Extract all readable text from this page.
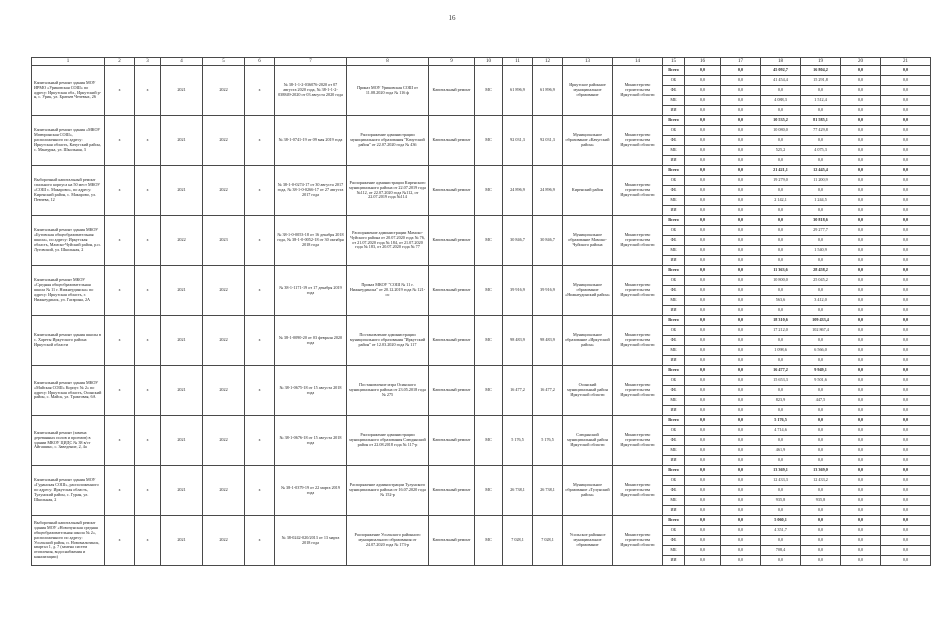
16
1	2	3	4	5	6	7	8	9	10	11	12	13	14	15	16	17	18	19	20	21
Капитальный ремонт здания МОУ ИРМО «Уриковская СОШ» по адресу: Иркутская обл., Иркутский р-н, с. Урик, ул. Братьев Чечевых, 26	х	х	2021	2022	х	№ 38-1-1-2-036076-2020 от 07 августа 2020 года, № 38-1-1-2-038849-2020 от 03 августа 2020 года	Приказ МОУ Уриковская СОШ от 11.08.2020 года № 116 ф	Капитальный ремонт	МС	61 896,9	61 896,9	Иркутское районное муниципальное образование	Министерство строительства Иркутской области	Всего	0,0	0,0	45 092,7	16 804,2	0,0	0,0
														ОБ	0,0	0,0	41 454,4	15 291,8	0,0	0,0
														ФБ	0,0	0,0	0,0	0,0	0,0	0,0
														МБ	0,0	0,0	4 088,3	1 512,4	0,0	0,0
														ИИ	0,0	0,0	0,0	0,0	0,0	0,0
Капитальный ремонт здания «МКОУ Матюринская СОШ», расположенного по адресу: Иркутская область, Качугский район, с. Манзурка, ул. Школьная, 3	х	х	2021	2022	х	№ 38-1-0741-19 от 09 мая 2019 года	Распоряжение администрации муниципального образования "Качугский район" от 22.07.2020 года № 436	Капитальный ремонт	МС	92 031,3	92 031,3	Муниципальное образование «Качугский район»	Министерство строительства Иркутской области	Всего	0,0	0,0	10 535,2	81 585,1	0,0	0,0
														ОБ	0,0	0,0	10 080,0	77 429,8	0,0	0,0
														ФБ	0,0	0,0	0,0	0,0	0,0	0,0
														МБ	0,0	0,0	525,2	4 075,3	0,0	0,0
														ИИ	0,0	0,0	0,0	0,0	0,0	0,0
Выборочный капитальный ремонт спального корпуса на 50 мест МКОУ «СОШ с. Макарово», по адресу: Киренский район, с. Макарово, ул. Певчева, 12	х	х	2021	2022	х	№ 38-1-0-0274-17 от 30 августа 2017 года, № 38-1-0-0266-17 от 27 августа 2017 года	Распоряжение администрации Киренского муниципального района от 22.07.2019 года №112, от 22.07.2020 года №112, от 22.07.2019 года №114	Капитальный ремонт	МС	24 896,9	24 896,9	Киренский район	Министерство строительства Иркутской области	Всего	0,0	0,0	21 421,1	12 445,4	0,0	0,0
														ОБ	0,0	0,0	19 279,0	11 200,9	0,0	0,0
														ФБ	0,0	0,0	0,0	0,0	0,0	0,0
														МБ	0,0	0,0	2 142,1	1 244,5	0,0	0,0
														ИИ	0,0	0,0	0,0	0,0	0,0	0,0
Капитальный ремонт здания МКОУ «Бутовская общеобразовательная школа», по адресу: Иркутская область, Мамско-Чуйский район, р.п. Луговский, ул. Школьная, 2	х	х	2022	2023	х	№ 38-1-0-0053-18 от 16 декабря 2018 года, № 38-1-0-0052-18 от 30 октября 2018 года	Распоряжение администрации Мамско-Чуйского района от 20.07.2020 года № 76, от 21.07.2020 года № 184, от 21.07.2020 года № 183, от 20.07.2020 года № 77	Капитальный ремонт	МС	30 846,7	30 846,7	Муниципальное образование Мамско-Чуйского района	Министерство строительства Иркутской области	Всего	0,0	0,0	0,0	30 818,6	0,0	0,0
														ОБ	0,0	0,0	0,0	29 277,7	0,0	0,0
														ФБ	0,0	0,0	0,0	0,0	0,0	0,0
														МБ	0,0	0,0	0,0	1 540,9	0,0	0,0
														ИИ	0,0	0,0	0,0	0,0	0,0	0,0
Капитальный ремонт МКОУ «Средняя общеобразовательная школа № 11 г. Нижнеудинска» по адресу: Иркутская область, г. Нижнеудинск, ул. Гагарина, 2А	х	х	2021	2022	х	№ 38-1-1171-19 от 17 декабря 2019 года	Приказ МКОУ "СОШ № 11 г. Нижнеудинска" от 20.12.2019 года № 121-ос	Капитальный ремонт	МС	39 916,9	39 916,9	Муниципальное образование «Нижнеудинский район»	Министерство строительства Иркутской области	Всего	0,0	0,0	11 363,6	28 458,2	0,0	0,0
														ОБ	0,0	0,0	10 800,0	25 045,2	0,0	0,0
														ФБ	0,0	0,0	0,0	0,0	0,0	0,0
														МБ	0,0	0,0	563,6	3 412,0	0,0	0,0
														ИИ	0,0	0,0	0,0	0,0	0,0	0,0
Капитальный ремонт здания школы в с. Хареты Иркутского района Иркутской области	х	х	2021	2022	х	№ 38-1-0090-20 от 03 февраля 2020 года	Постановление администрации муниципального образования "Иркутский район" от 12.03.2020 года № 117	Капитальный ремонт	МС	98 483,9	98 483,9	Муниципальное образование «Иркутский район»	Министерство строительства Иркутской области	Всего	0,0	0,0	18 310,6	109 433,4	0,0	0,0
														ОБ	0,0	0,0	17 212,0	102 867,4	0,0	0,0
														ФБ	0,0	0,0	0,0	0,0	0,0	0,0
														МБ	0,0	0,0	1 098,6	6 566,0	0,0	0,0
														ИИ	0,0	0,0	0,0	0,0	0,0	0,0
Капитальный ремонт здания МКОУ «Майская СОШ» Корпус № 2» по адресу: Иркутская область, Осинский район, с. Майск, ул. Трактовая, 6А	х	х	2021	2022	х	№ 38-1-0675-18 от 15 августа 2018 года	Постановление мэра Осинского муниципального района от 23.05.2018 года № 275	Капитальный ремонт	МС	16 477,2	16 477,2	Осинский муниципальный район Иркутской области	Министерство строительства Иркутской области	Всего	0,0	0,0	16 477,2	9 949,1	0,0	0,0
														ОБ	0,0	0,0	15 653,3	9 501,6	0,0	0,0
														ФБ	0,0	0,0	0,0	0,0	0,0	0,0
														МБ	0,0	0,0	823,9	447,5	0,0	0,0
														ИИ	0,0	0,0	0,0	0,0	0,0	0,0
Капитальный ремонт (замена деревянных полов и проемов) в здании МКОУ ЦИДС № 38 в/ст Айгашинс, с. Заведение, 2, 4а	х	х	2021	2022	х	№ 38-1-0676-18 от 15 августа 2018 года	Распоряжение администрации муниципального образования Слюдянский район от 22.08.2018 года № 117-р	Капитальный ремонт	МС	5 176,5	5 176,5	Слюдянский муниципальный район Иркутской области	Министерство строительства Иркутской области	Всего	0,0	0,0	5 176,5	0,0	0,0	0,0
														ОБ	0,0	0,0	4 714,6	0,0	0,0	0,0
														ФБ	0,0	0,0	0,0	0,0	0,0	0,0
														МБ	0,0	0,0	461,9	0,0	0,0	0,0
														ИИ	0,0	0,0	0,0	0,0	0,0	0,0
Капитальный ремонт здания МОУ «Гуранская СОШ», расположенного по адресу: Иркутская область, Тулунский район, с. Гуран, ул. Школьная, 2	х	х	2021	2022	х	№ 38-1-0379-19 от 22 марта 2019 года	Распоряжение администрации Тулунского муниципального района от 16.07.2020 года № 152-р	Капитальный ремонт	МС	26 738,1	26 738,1	Муниципальное образование «Тулунский район»	Министерство строительства Иркутской области	Всего	0,0	0,0	13 369,1	13 369,0	0,0	0,0
														ОБ	0,0	0,0	12 433,3	12 433,2	0,0	0,0
														ФБ	0,0	0,0	0,0	0,0	0,0	0,0
														МБ	0,0	0,0	935,8	935,8	0,0	0,0
														ИИ	0,0	0,0	0,0	0,0	0,0	0,0
Выборочный капитальный ремонт здания МОУ «Новочунская средняя общеобразовательная школа № 2», расположенного по адресу: Усольский район, п. Новомальтинск, квартал 1, д. 7 (замена систем отопления, водоснабжения и канализации)	х	х	2021	2022	х	№ 38-0242-020/2013 от 13 марта 2018 года	Распоряжение Усольского районного муниципального образования от 24.07.2020 года № 173-р	Капитальный ремонт	МС	7 028,1	7 028,1	Усольское районное муниципальное образование	Министерство строительства Иркутской области	Всего	0,0	0,0	5 060,1	0,0	0,0	0,0
														ОБ	0,0	0,0	4 351,7	0,0	0,0	0,0
														ФБ	0,0	0,0	0,0	0,0	0,0	0,0
														МБ	0,0	0,0	708,4	0,0	0,0	0,0
														ИИ	0,0	0,0	0,0	0,0	0,0	0,0
